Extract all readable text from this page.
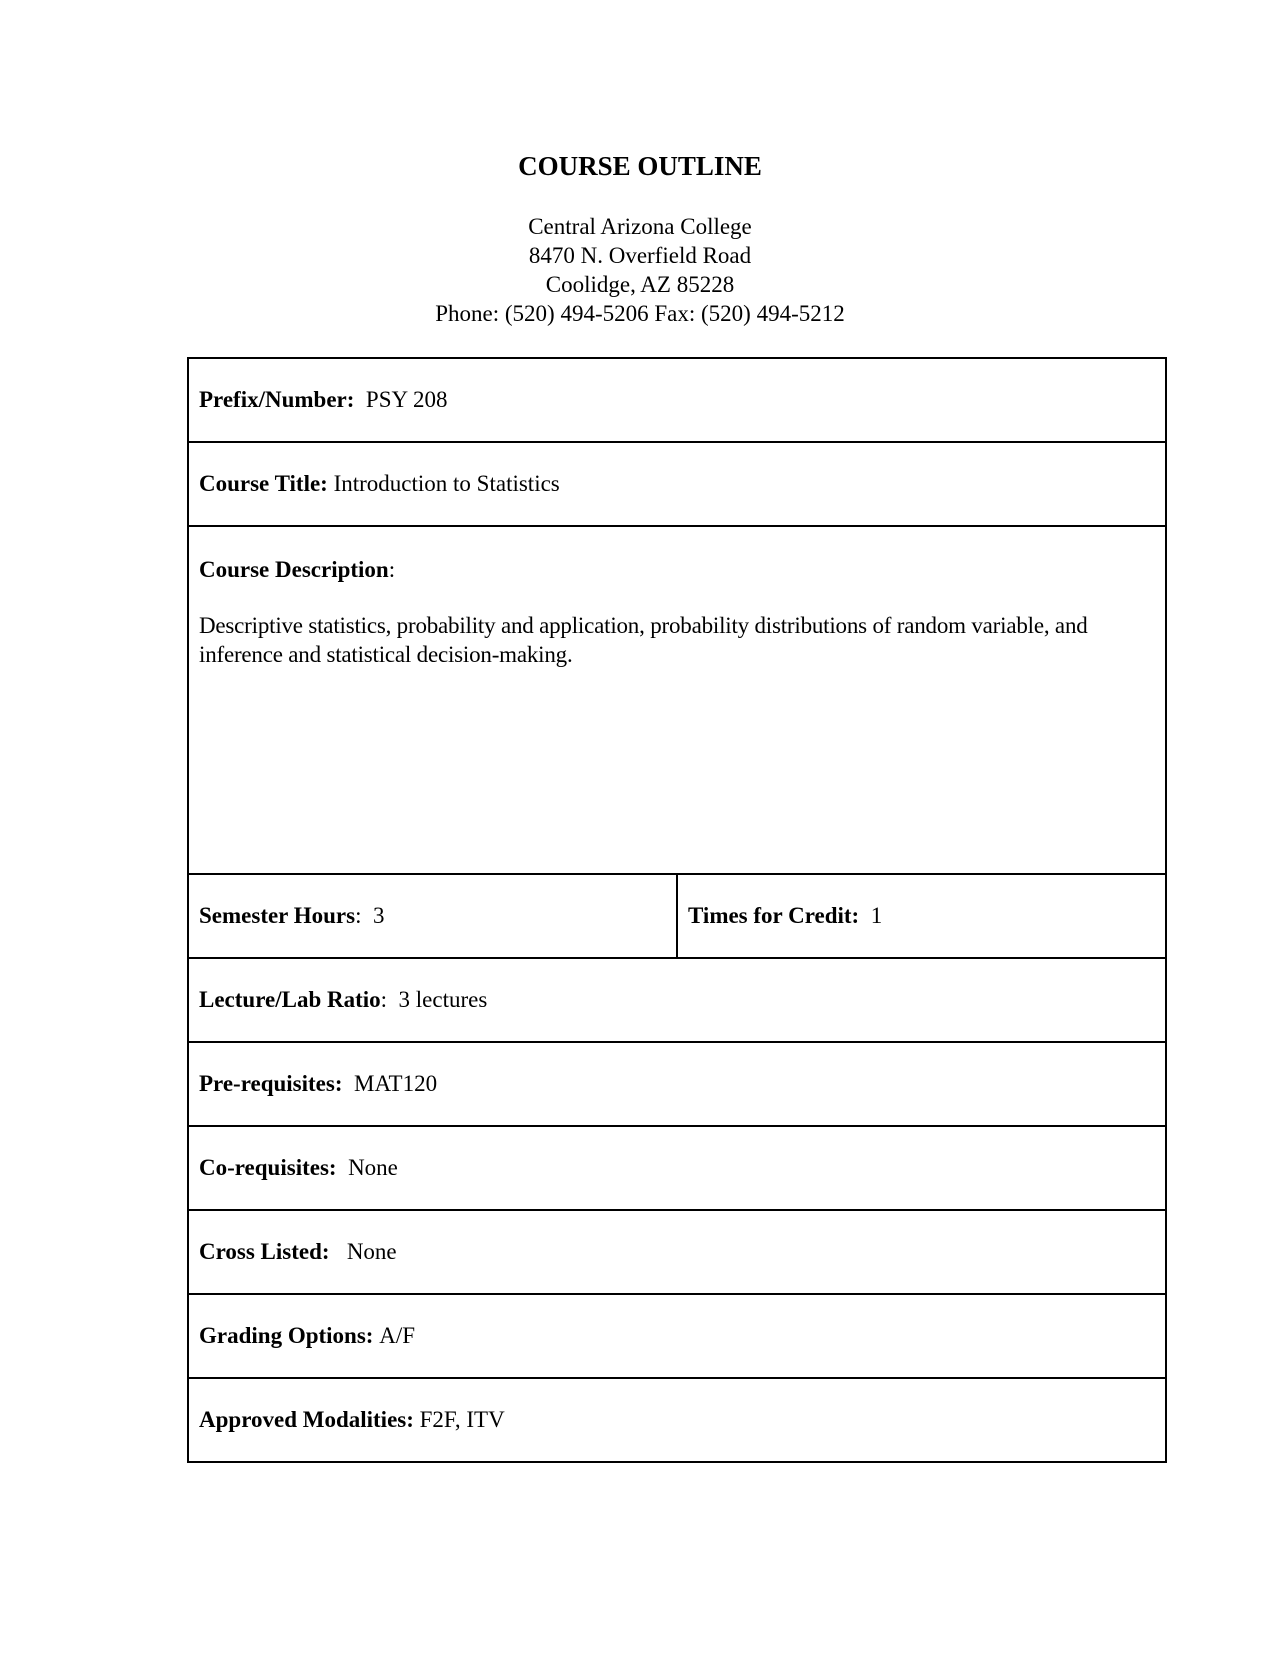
COURSE OUTLINE
Central Arizona College
8470 N. Overfield Road
Coolidge, AZ 85228
Phone: (520) 494-5206 Fax: (520) 494-5212
Prefix/Number: PSY 208
Course Title: Introduction to Statistics

Course Description:
Descriptive statistics, probability and application, probability distributions of random variable, and inference and statistical decision-making.

Semester Hours: 3	Times for Credit: 1
Lecture/Lab Ratio: 3 lectures
Pre-requisites: MAT120
Co-requisites: None
Cross Listed: None
Grading Options: A/F
Approved Modalities: F2F, ITV
